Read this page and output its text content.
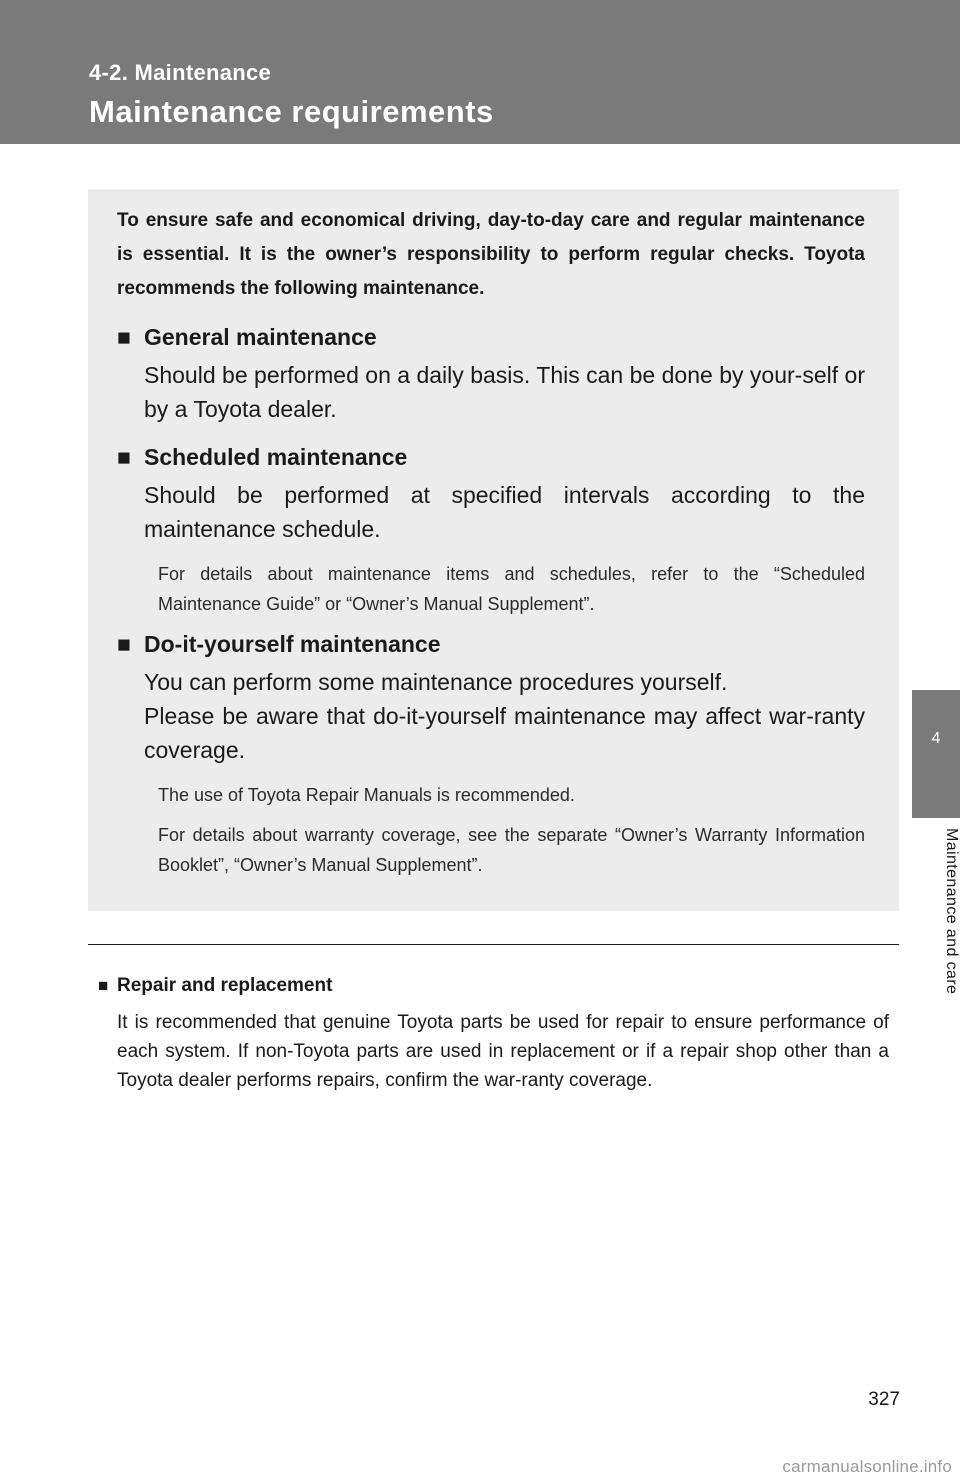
4-2. Maintenance
Maintenance requirements
4
Maintenance and care

To ensure safe and economical driving, day-to-day care and regular maintenance is essential. It is the owner’s responsibility to perform regular checks. Toyota recommends the following maintenance.

■ General maintenance

Should be performed on a daily basis. This can be done by your-self or by a Toyota dealer.

■ Scheduled maintenance

Should be performed at specified intervals according to the maintenance schedule.

For details about maintenance items and schedules, refer to the “Scheduled Maintenance Guide” or “Owner’s Manual Supplement”.

■ Do-it-yourself maintenance

You can perform some maintenance procedures yourself.

Please be aware that do-it-yourself maintenance may affect war-ranty coverage.

The use of Toyota Repair Manuals is recommended.

For details about warranty coverage, see the separate “Owner’s Warranty Information Booklet”, “Owner’s Manual Supplement”.

■ Repair and replacement
It is recommended that genuine Toyota parts be used for repair to ensure performance of each system. If non-Toyota parts are used in replacement or if a repair shop other than a Toyota dealer performs repairs, confirm the war-ranty coverage.
327
carmanualsonline.info
